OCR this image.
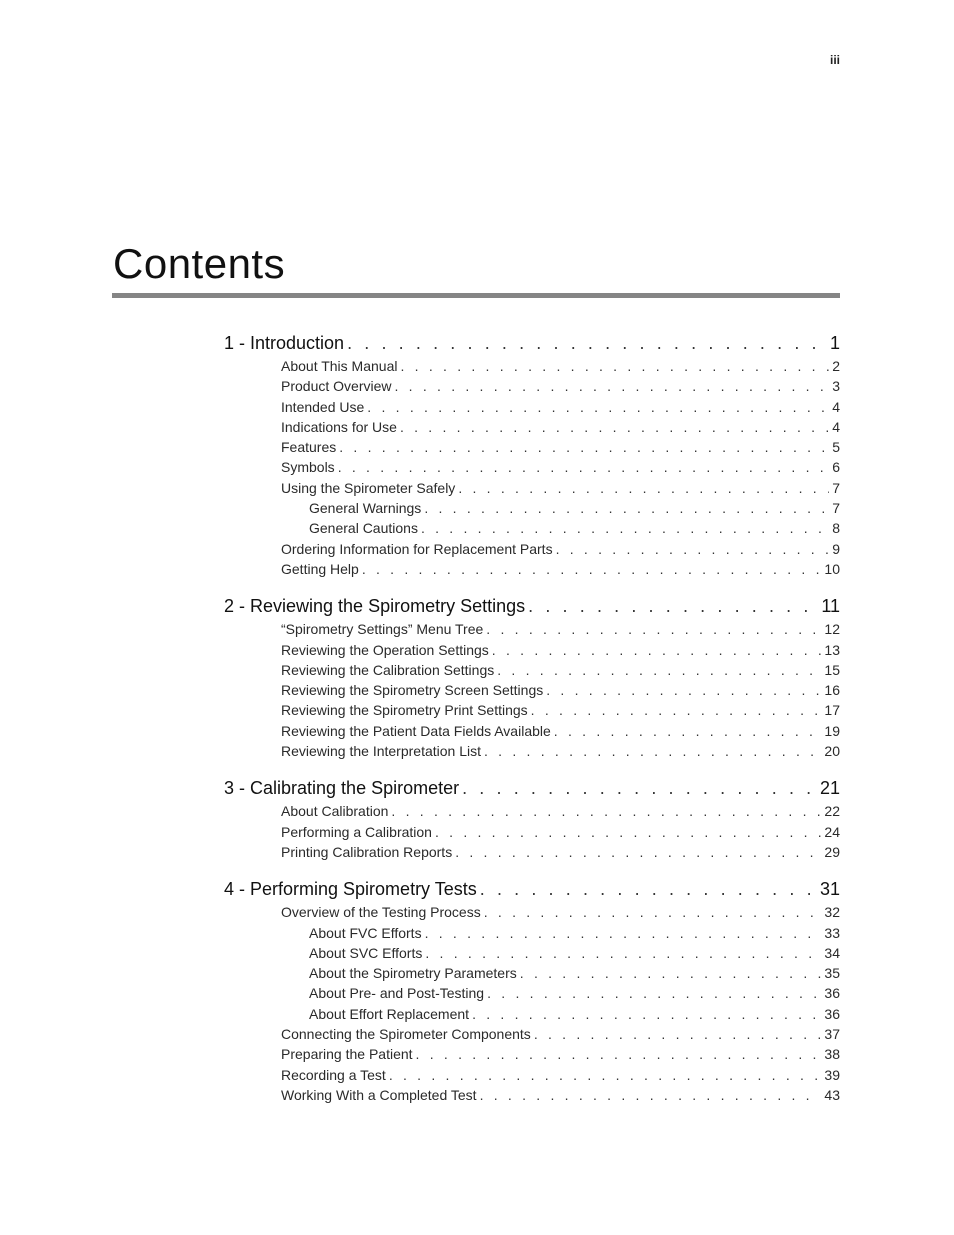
iii
Contents
1 - Introduction . . .	1
About This Manual . . .	2
Product Overview . . .	3
Intended Use . . .	4
Indications for Use . . .	4
Features . . .	5
Symbols . . .	6
Using the Spirometer Safely . . .	7
General Warnings . . .	7
General Cautions . . .	8
Ordering Information for Replacement Parts . . .	9
Getting Help . . .	10
2 - Reviewing the Spirometry Settings . . .	11
“Spirometry Settings” Menu Tree . . .	12
Reviewing the Operation Settings . . .	13
Reviewing the Calibration Settings . . .	15
Reviewing the Spirometry Screen Settings . . .	16
Reviewing the Spirometry Print Settings . . .	17
Reviewing the Patient Data Fields Available . . .	19
Reviewing the Interpretation List . . .	20
3 - Calibrating the Spirometer . . .	21
About Calibration . . .	22
Performing a Calibration . . .	24
Printing Calibration Reports . . .	29
4 - Performing Spirometry Tests . . .	31
Overview of the Testing Process . . .	32
About FVC Efforts . . .	33
About SVC Efforts . . .	34
About the Spirometry Parameters . . .	35
About Pre- and Post-Testing . . .	36
About Effort Replacement . . .	36
Connecting the Spirometer Components . . .	37
Preparing the Patient . . .	38
Recording a Test . . .	39
Working With a Completed Test . . .	43
